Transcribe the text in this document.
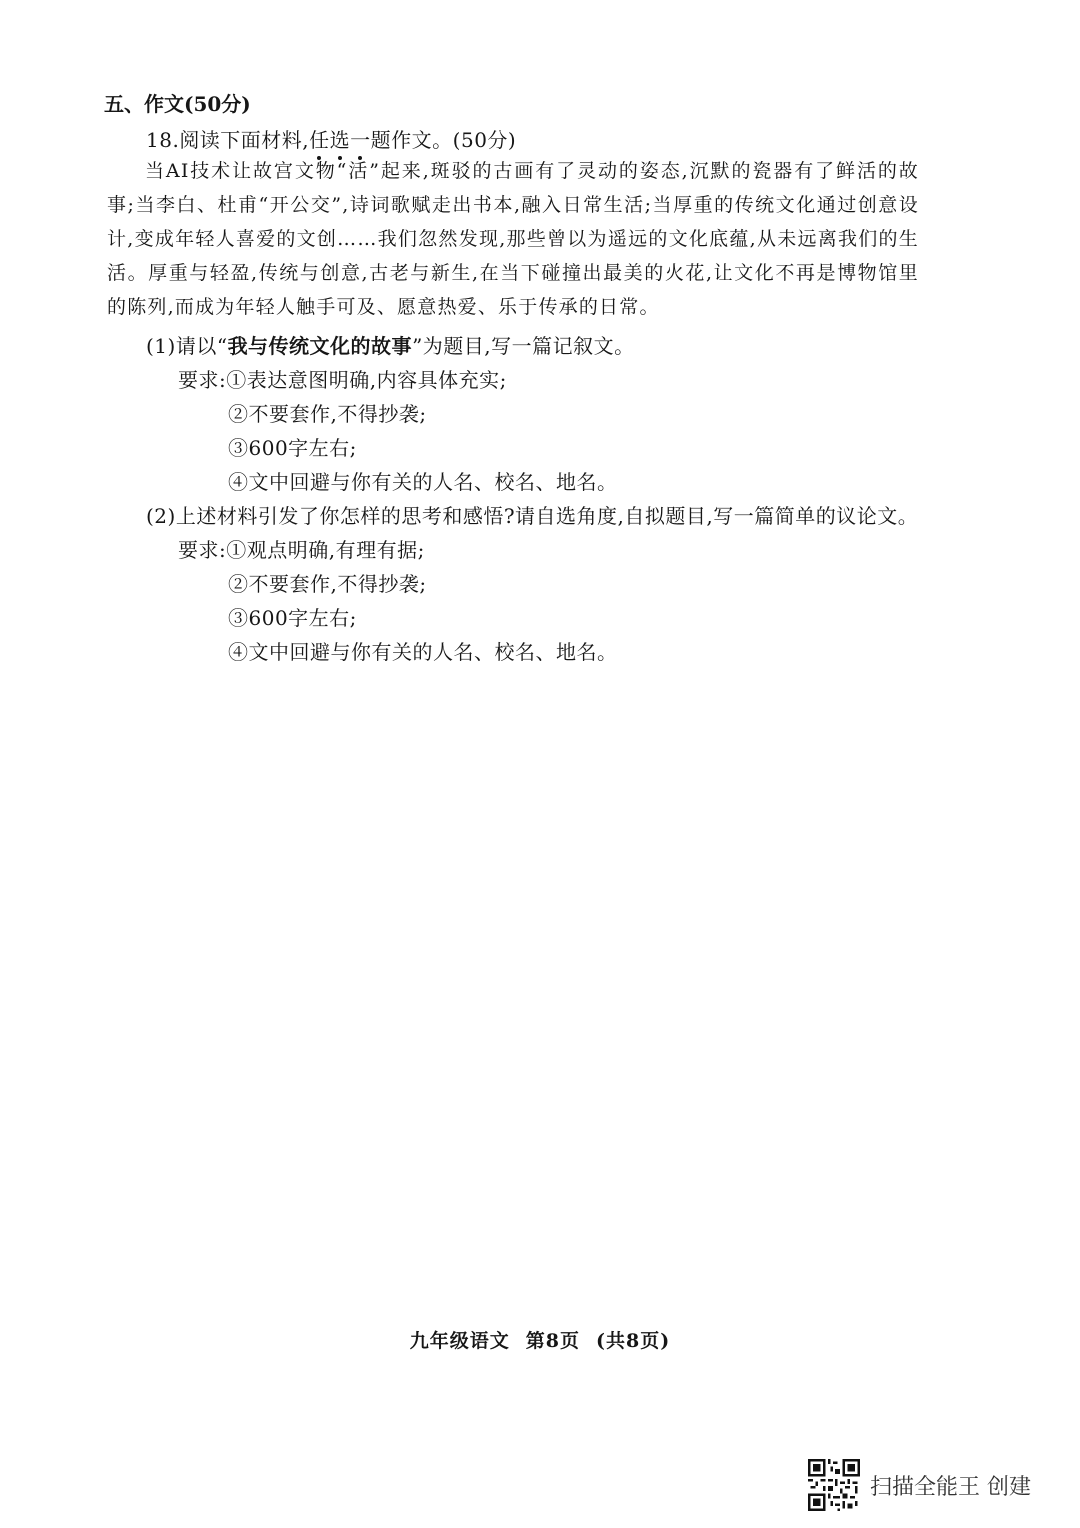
五、作文(50分)
18.阅读下面材料,任选一题作文。(50分)
当AI技术让故宫文物“活”起来,斑驳的古画有了灵动的姿态,沉默的瓷器有了鲜活的故事;当李白、杜甫“开公交”,诗词歌赋走出书本,融入日常生活;当厚重的传统文化通过创意设计,变成年轻人喜爱的文创……我们忽然发现,那些曾以为遥远的文化底蕴,从未远离我们的生活。厚重与轻盈,传统与创意,古老与新生,在当下碰撞出最美的火花,让文化不再是博物馆里的陈列,而成为年轻人触手可及、愿意热爱、乐于传承的日常。
(1)请以“我与传统文化的故事”为题目,写一篇记叙文。
要求:①表达意图明确,内容具体充实;
②不要套作,不得抄袭;
③600字左右;
④文中回避与你有关的人名、校名、地名。
(2)上述材料引发了你怎样的思考和感悟?请自选角度,自拟题目,写一篇简单的议论文。
要求:①观点明确,有理有据;
②不要套作,不得抄袭;
③600字左右;
④文中回避与你有关的人名、校名、地名。
九年级语文 第8页 (共8页)
扫描全能王 创建
